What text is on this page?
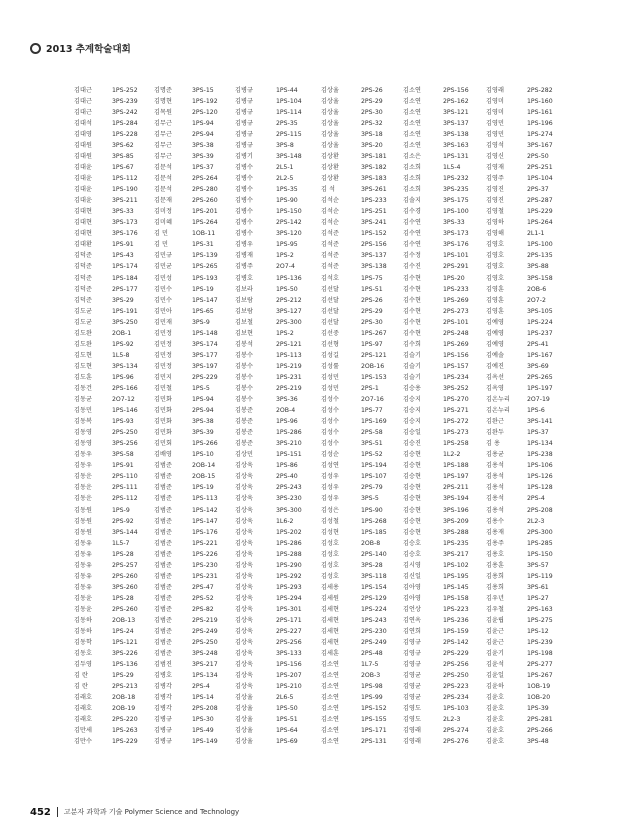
2013 추계학술대회
김대근	1PS-252	김명준	3PS-15	김병규	1PS-44	김상율	2PS-26	김소연	2PS-156	김영래	2PS-282
김대근	3PS-239	김명현	1PS-192	김병규	1PS-104	김상율	2PS-29	김소연	2PS-162	김영미	1PS-160
김대근	3PS-242	김목원	2PS-120	김병규	1PS-114	김상율	2PS-30	김소연	3PS-121	김영미	1PS-161
김대석	1PS-284	김무근	1PS-94	김병규	2PS-35	김상율	2PS-32	김소연	3PS-137	김영민	1PS-196
김대영	1PS-228	김무근	2PS-94	김병규	2PS-115	김상율	3PS-18	김소연	3PS-138	김영민	1PS-274
김대원	3PS-62	김무근	3PS-38	김병규	3PS-8	김상율	3PS-20	김소연	3PS-163	김영석	3PS-167
김대원	3PS-85	김무근	3PS-39	김병기	3PS-148	김상환	3PS-181	김소은	1PS-131	김영신	2PS-50
김대윤	1PS-67	김문석	1PS-37	김병수	2L5-1	김상환	3PS-182	김소희	1L5-4	김영재	2PS-251
김대윤	1PS-112	김문석	2PS-264	김병수	2L2-5	김상환	3PS-183	김소희	1PS-232	김영주	1PS-104
김대윤	1PS-190	김문석	2PS-280	김병수	1PS-35	김 석	3PS-261	김소희	3PS-235	김영진	2PS-37
김대윤	3PS-211	김문재	2PS-260	김병수	1PS-90	김석순	1PS-233	김솔지	3PS-175	김영진	2PS-287
김대현	3PS-33	김미정	1PS-201	김병수	1PS-150	김석순	1PS-251	김수경	1PS-100	김영철	1PS-229
김대현	3PS-173	김미혜	1PS-264	김병수	2PS-142	김석순	3PS-241	김수연	3PS-33	김영하	1PS-264
김대현	3PS-176	김 민	1OB-11	김병수	3PS-120	김석준	1PS-152	김수연	3PS-173	김영해	2L1-1
김대환	1PS-91	김 민	1PS-31	김병우	1PS-95	김석준	2PS-156	김수연	3PS-176	김영호	1PS-100
김덕준	1PS-43	김민규	1PS-139	김병재	1PS-2	김석준	3PS-137	김수정	1PS-101	김영호	2PS-135
김덕준	1PS-174	김민균	1PS-265	김병주	2O7-4	김석준	3PS-138	김수진	2PS-291	김영호	3PS-88
김덕준	1PS-184	김민성	1PS-193	김병호	1PS-136	김석호	1PS-75	김수현	1PS-20	김영호	3PS-158
김덕준	2PS-177	김민수	1PS-19	김보라	1PS-50	김선달	1PS-51	김수현	1PS-233	김영훈	2OB-6
김덕준	3PS-29	김민수	1PS-147	김보람	2PS-212	김선달	2PS-26	김수현	1PS-269	김영훈	2O7-2
김도균	1PS-191	김민아	1PS-65	김보람	3PS-127	김선달	2PS-29	김수현	2PS-273	김영훈	3PS-105
김도균	3PS-250	김민재	3PS-9	김보철	2PS-300	김선달	2PS-30	김수현	2PS-101	김예영	1PS-224
김도완	2OB-1	김민정	1PS-148	김보현	1PS-2	김선중	1PS-267	김수현	2PS-248	김예영	1PS-237
김도완	1PS-92	김민정	3PS-174	김봉석	2PS-121	김선형	1PS-97	김수희	1PS-269	김예영	2PS-41
김도현	1L5-8	김민정	3PS-177	김봉수	1PS-113	김성길	2PS-121	김슬기	1PS-156	김예솔	1PS-167
김도현	3PS-134	김민정	3PS-197	김봉수	1PS-219	김성률	2OB-16	김슬기	1PS-157	김예진	3PS-69
김도훈	1PS-96	김민지	2PS-229	김봉수	1PS-231	김성민	1PS-153	김슬기	1PS-234	김옥선	2PS-265
김동건	2PS-166	김민철	1PS-5	김봉수	2PS-219	김성민	2PS-1	김승용	3PS-252	김옥영	1PS-197
김동균	2O7-12	김민화	1PS-94	김봉수	3PS-36	김성수	2O7-16	김승지	1PS-270	김온누리	2O7-19
김동민	1PS-146	김민화	2PS-94	김봉준	2OB-4	김성수	1PS-77	김승지	1PS-271	김온누리	1PS-6
김동복	1PS-93	김민화	3PS-38	김봉준	1PS-96	김성수	1PS-169	김승지	1PS-272	김완근	3PS-141
김동영	2PS-250	김민화	3PS-39	김봉준	1PS-286	김성수	2PS-58	김승일	1PS-273	김완두	1PS-37
김동영	3PS-256	김민회	1PS-266	김봉준	3PS-210	김성수	3PS-51	김승진	1PS-258	김 용	1PS-134
김동우	3PS-58	김배영	1PS-10	김상민	1PS-151	김성순	1PS-52	김승현	1L2-2	김용균	1PS-238
김동우	1PS-91	김범준	2OB-14	김상욱	1PS-86	김성연	1PS-194	김승현	1PS-188	김용석	1PS-106
김동운	2PS-110	김범준	2OB-15	김상욱	2PS-40	김성우	1PS-107	김승현	1PS-197	김용석	1PS-126
김동운	2PS-111	김범준	1PS-19	김상욱	2PS-243	김성우	2PS-79	김승현	2PS-211	김용석	1PS-128
김동운	2PS-112	김범준	1PS-113	김상욱	3PS-230	김성우	3PS-5	김승현	3PS-194	김용석	2PS-4
김동원	1PS-9	김범준	1PS-142	김상욱	3PS-300	김성은	1PS-90	김승현	3PS-196	김용석	2PS-208
김동원	2PS-92	김범준	1PS-147	김상욱	1L6-2	김성철	1PS-268	김승현	3PS-209	김용수	2L2-3
김동원	3PS-144	김범준	1PS-176	김상욱	1PS-202	김성현	1PS-185	김승현	3PS-288	김용재	2PS-300
김동유	1L5-7	김범준	1PS-221	김상욱	1PS-286	김성호	2OB-8	김승호	1PS-235	김용주	1PS-285
김동유	1PS-28	김범준	1PS-226	김상욱	1PS-288	김성호	2PS-140	김승호	3PS-217	김용호	1PS-150
김동유	2PS-257	김범준	1PS-230	김상욱	1PS-290	김성호	3PS-28	김시영	1PS-102	김용훈	3PS-57
김동유	2PS-260	김범준	1PS-231	김상욱	1PS-292	김성호	3PS-118	김신일	1PS-195	김용희	1PS-119
김동유	3PS-260	김범준	2PS-47	김상욱	1PS-293	김세용	1PS-154	김아영	1PS-145	김용희	3PS-61
김동윤	1PS-28	김범준	2PS-52	김상욱	1PS-294	김세원	2PS-129	김아영	1PS-158	김우년	1PS-27
김동윤	2PS-260	김범준	2PS-82	김상욱	1PS-301	김세현	1PS-224	김언상	1PS-223	김우철	2PS-163
김동하	2OB-13	김범준	2PS-219	김상욱	2PS-171	김세현	1PS-243	김연옥	1PS-236	김윤립	1PS-275
김동하	1PS-24	김범준	2PS-249	김상욱	2PS-227	김세현	2PS-230	김연희	1PS-159	김윤근	1PS-12
김동학	1PS-121	김범준	2PS-250	김상욱	2PS-256	김세현	2PS-249	김영규	2PS-142	김윤근	1PS-239
김동호	3PS-226	김범준	3PS-248	김상욱	3PS-133	김세훈	2PS-48	김영규	2PS-229	김윤기	1PS-198
김두영	1PS-136	김범진	3PS-217	김상욱	1PS-156	김소연	1L7-5	김영규	2PS-256	김윤석	2PS-277
김 란	1PS-29	김병호	1PS-134	김상욱	1PS-207	김소연	2OB-3	김영균	2PS-250	김윤일	1PS-267
김 란	2PS-213	김병각	2PS-4	김상욱	1PS-210	김소연	1PS-98	김영균	2PS-223	김윤하	1OB-19
김래호	2OB-18	김병각	1PS-14	김상율	2L6-5	김소연	1PS-99	김영균	2PS-234	김윤호	1OB-20
김래호	2OB-19	김병각	2PS-208	김상율	1PS-50	김소연	1PS-152	김영도	1PS-103	김윤호	1PS-39
김래호	2PS-220	김병규	1PS-30	김상율	1PS-51	김소연	1PS-155	김영도	2L2-3	김윤호	2PS-281
김만세	1PS-263	김병규	1PS-49	김상율	1PS-64	김소연	1PS-171	김영래	2PS-274	김윤호	2PS-266
김만수	1PS-229	김병규	1PS-149	김상율	1PS-69	김소연	2PS-131	김영래	2PS-276	김윤호	3PS-48
452 고분자 과학과 기술 Polymer Science and Technology
